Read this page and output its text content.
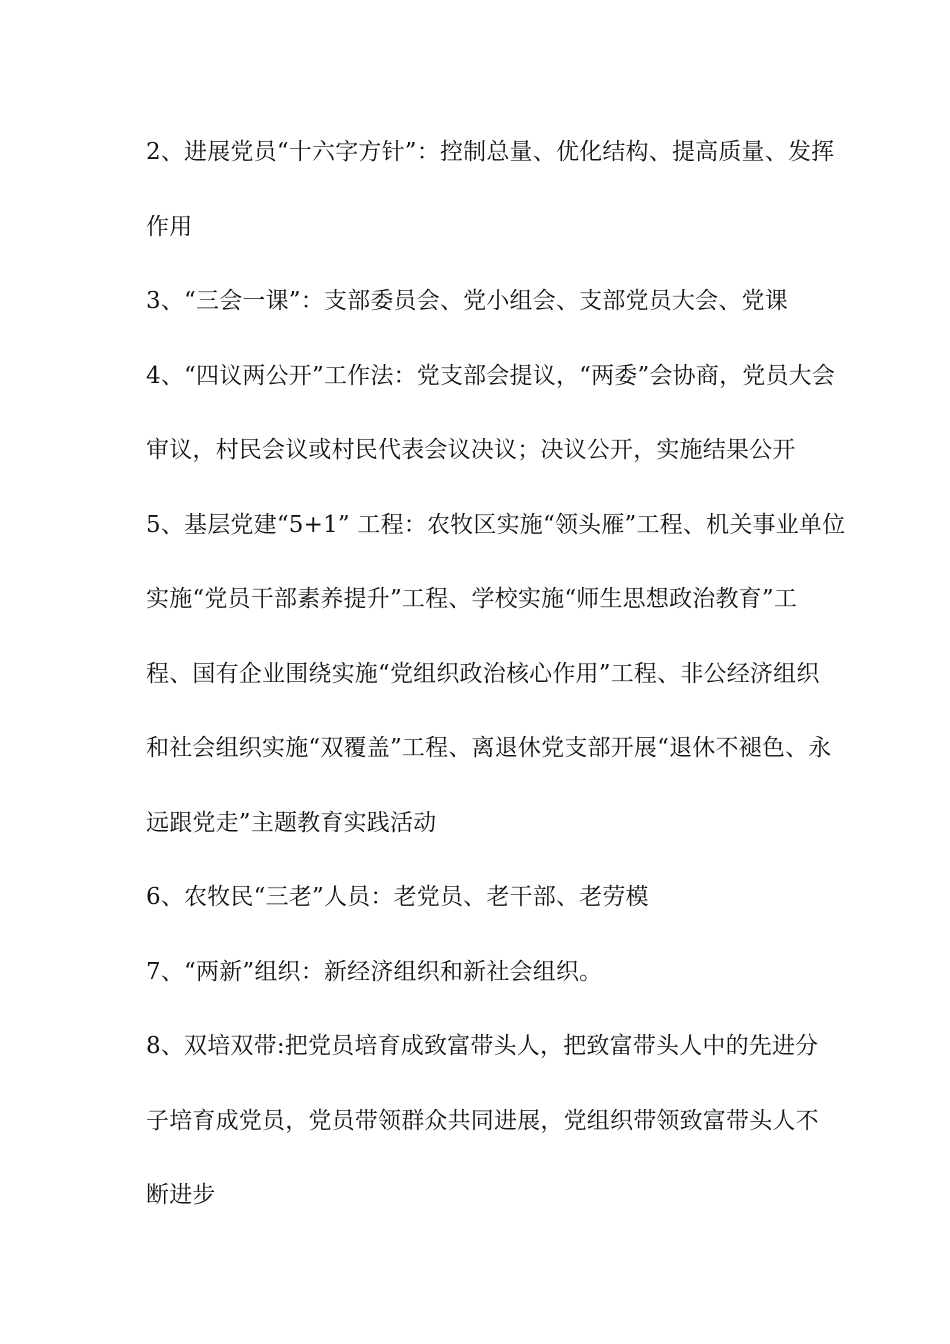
2、进展党员“十六字方针”：控制总量、优化结构、提高质量、发挥
作用
3、“三会一课”：支部委员会、党小组会、支部党员大会、党课
4、“四议两公开”工作法：党支部会提议，“两委”会协商，党员大会
审议，村民会议或村民代表会议决议；决议公开，实施结果公开
5、基层党建“5+1” 工程：农牧区实施“领头雁”工程、机关事业单位
实施“党员干部素养提升”工程、学校实施“师生思想政治教育”工
程、国有企业围绕实施“党组织政治核心作用”工程、非公经济组织
和社会组织实施“双覆盖”工程、离退休党支部开展“退休不褪色、永
远跟党走”主题教育实践活动
6、农牧民“三老”人员：老党员、老干部、老劳模
7、“两新”组织：新经济组织和新社会组织。
8、双培双带:把党员培育成致富带头人，把致富带头人中的先进分
子培育成党员，党员带领群众共同进展，党组织带领致富带头人不
断进步
